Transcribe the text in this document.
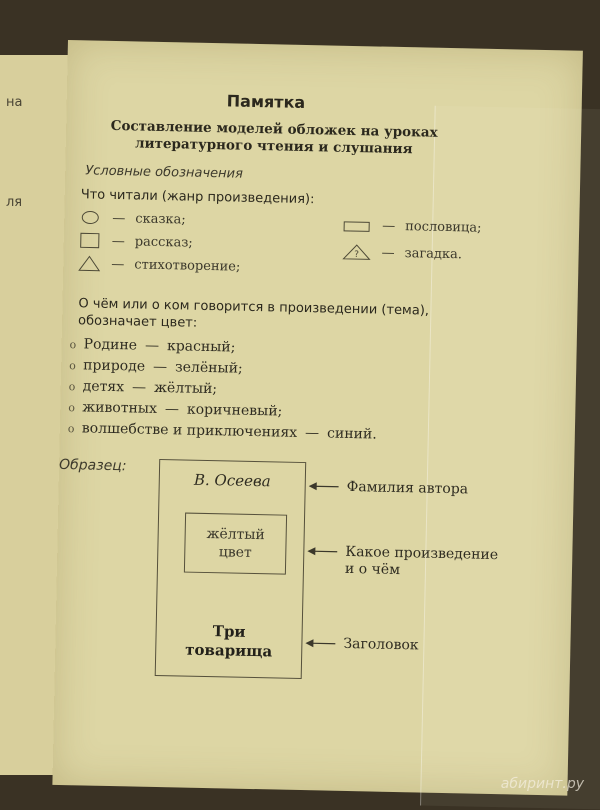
на
ля
Памятка
Составление моделей обложек на уроках литературного чтения и слушания
Условные обозначения
Что читали (жанр произведения):
— сказка;
— рассказ;
— стихотворение;
— пословица;
? — загадка.
О чём или о ком говорится в произведении (тема), обозначает цвет:
о Родине — красный;
о природе — зелёный;
о детях — жёлтый;
о животных — коричневый;
о волшебстве и приключениях — синий.
Образец:
В. Осеева
жёлтый
цвет
Три
товарища
Фамилия автора
Какое произведение
и о чём
Заголовок
абиринт.ру
